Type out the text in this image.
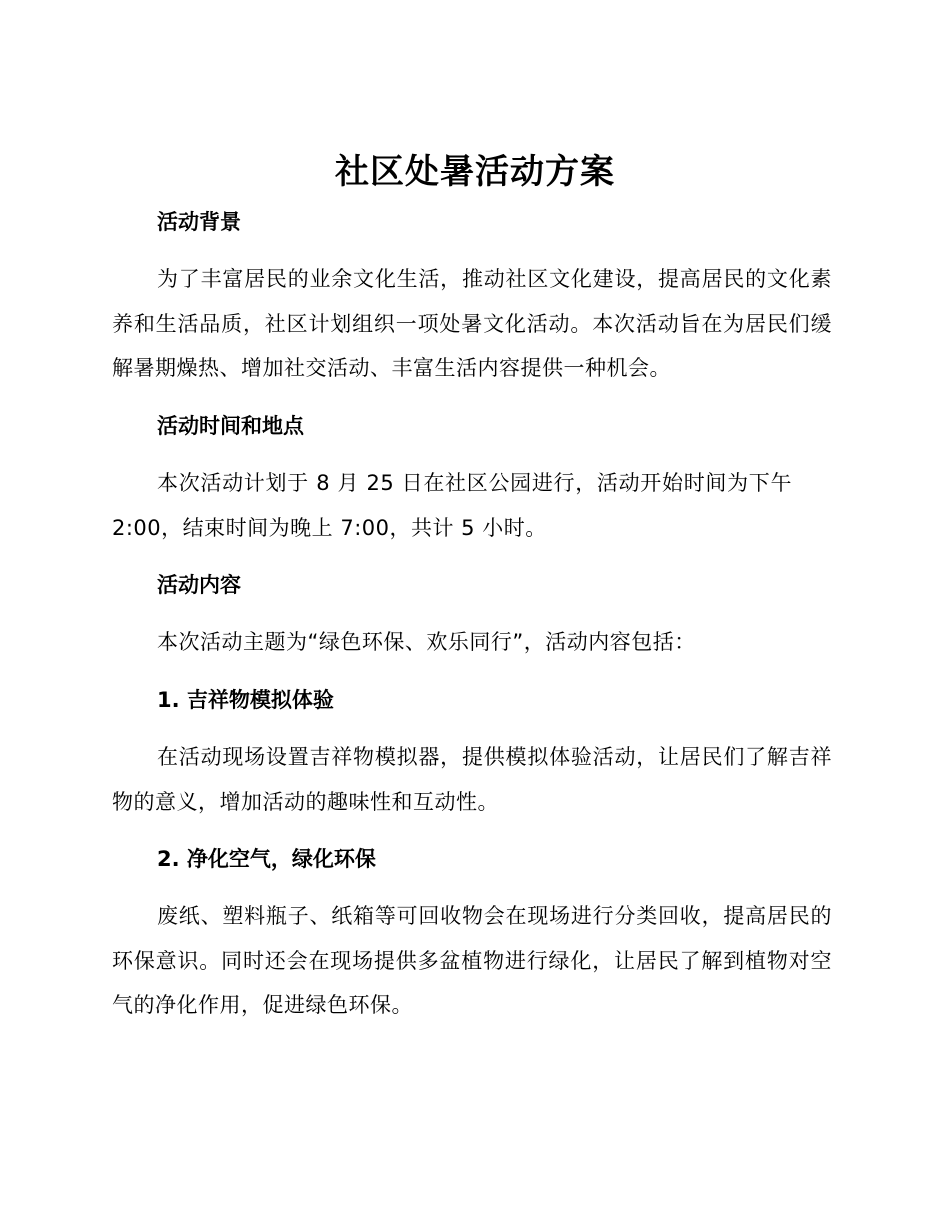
社区处暑活动方案
活动背景
为了丰富居民的业余文化生活，推动社区文化建设，提高居民的文化素养和生活品质，社区计划组织一项处暑文化活动。本次活动旨在为居民们缓解暑期燥热、增加社交活动、丰富生活内容提供一种机会。
活动时间和地点
本次活动计划于 8 月 25 日在社区公园进行，活动开始时间为下午 2:00，结束时间为晚上 7:00，共计 5 小时。
活动内容
本次活动主题为“绿色环保、欢乐同行”，活动内容包括：
1. 吉祥物模拟体验
在活动现场设置吉祥物模拟器，提供模拟体验活动，让居民们了解吉祥物的意义，增加活动的趣味性和互动性。
2. 净化空气，绿化环保
废纸、塑料瓶子、纸箱等可回收物会在现场进行分类回收，提高居民的环保意识。同时还会在现场提供多盆植物进行绿化，让居民了解到植物对空气的净化作用，促进绿色环保。
